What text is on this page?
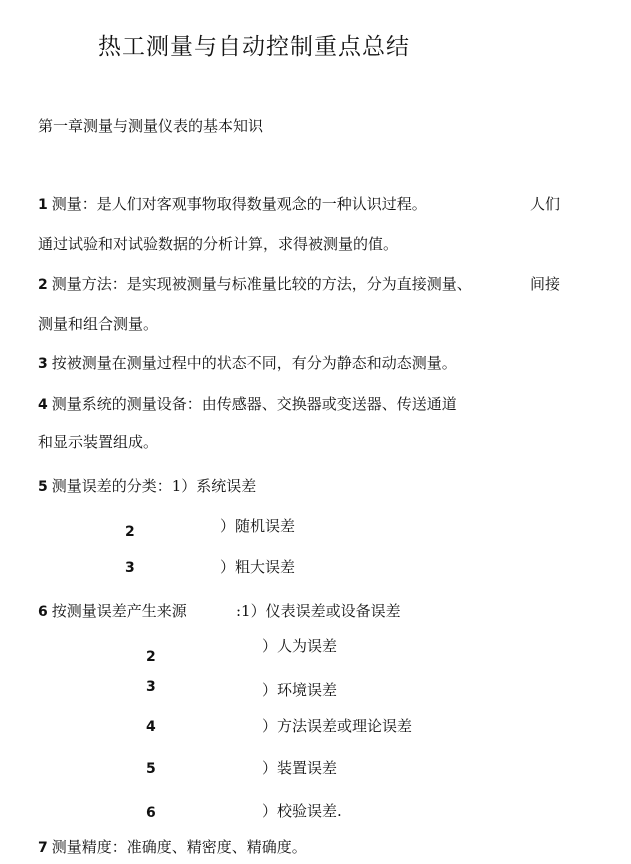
热工测量与自动控制重点总结
第一章测量与测量仪表的基本知识
1 测量：是人们对客观事物取得数量观念的一种认识过程。	人们
通过试验和对试验数据的分析计算，求得被测量的值。
2 测量方法：是实现被测量与标准量比较的方法，分为直接测量、	间接
测量和组合测量。
3 按被测量在测量过程中的状态不同，有分为静态和动态测量。
4 测量系统的测量设备：由传感器、交换器或变送器、传送通道
和显示装置组成。
5 测量误差的分类：1）系统误差
2	）随机误差
3	）粗大误差
6 按测量误差产生来源	:1）仪表误差或设备误差
2
）人为误差
3	）环境误差
4	）方法误差或理论误差
5	）装置误差
6	）校验误差.
7 测量精度：准确度、精密度、精确度。
